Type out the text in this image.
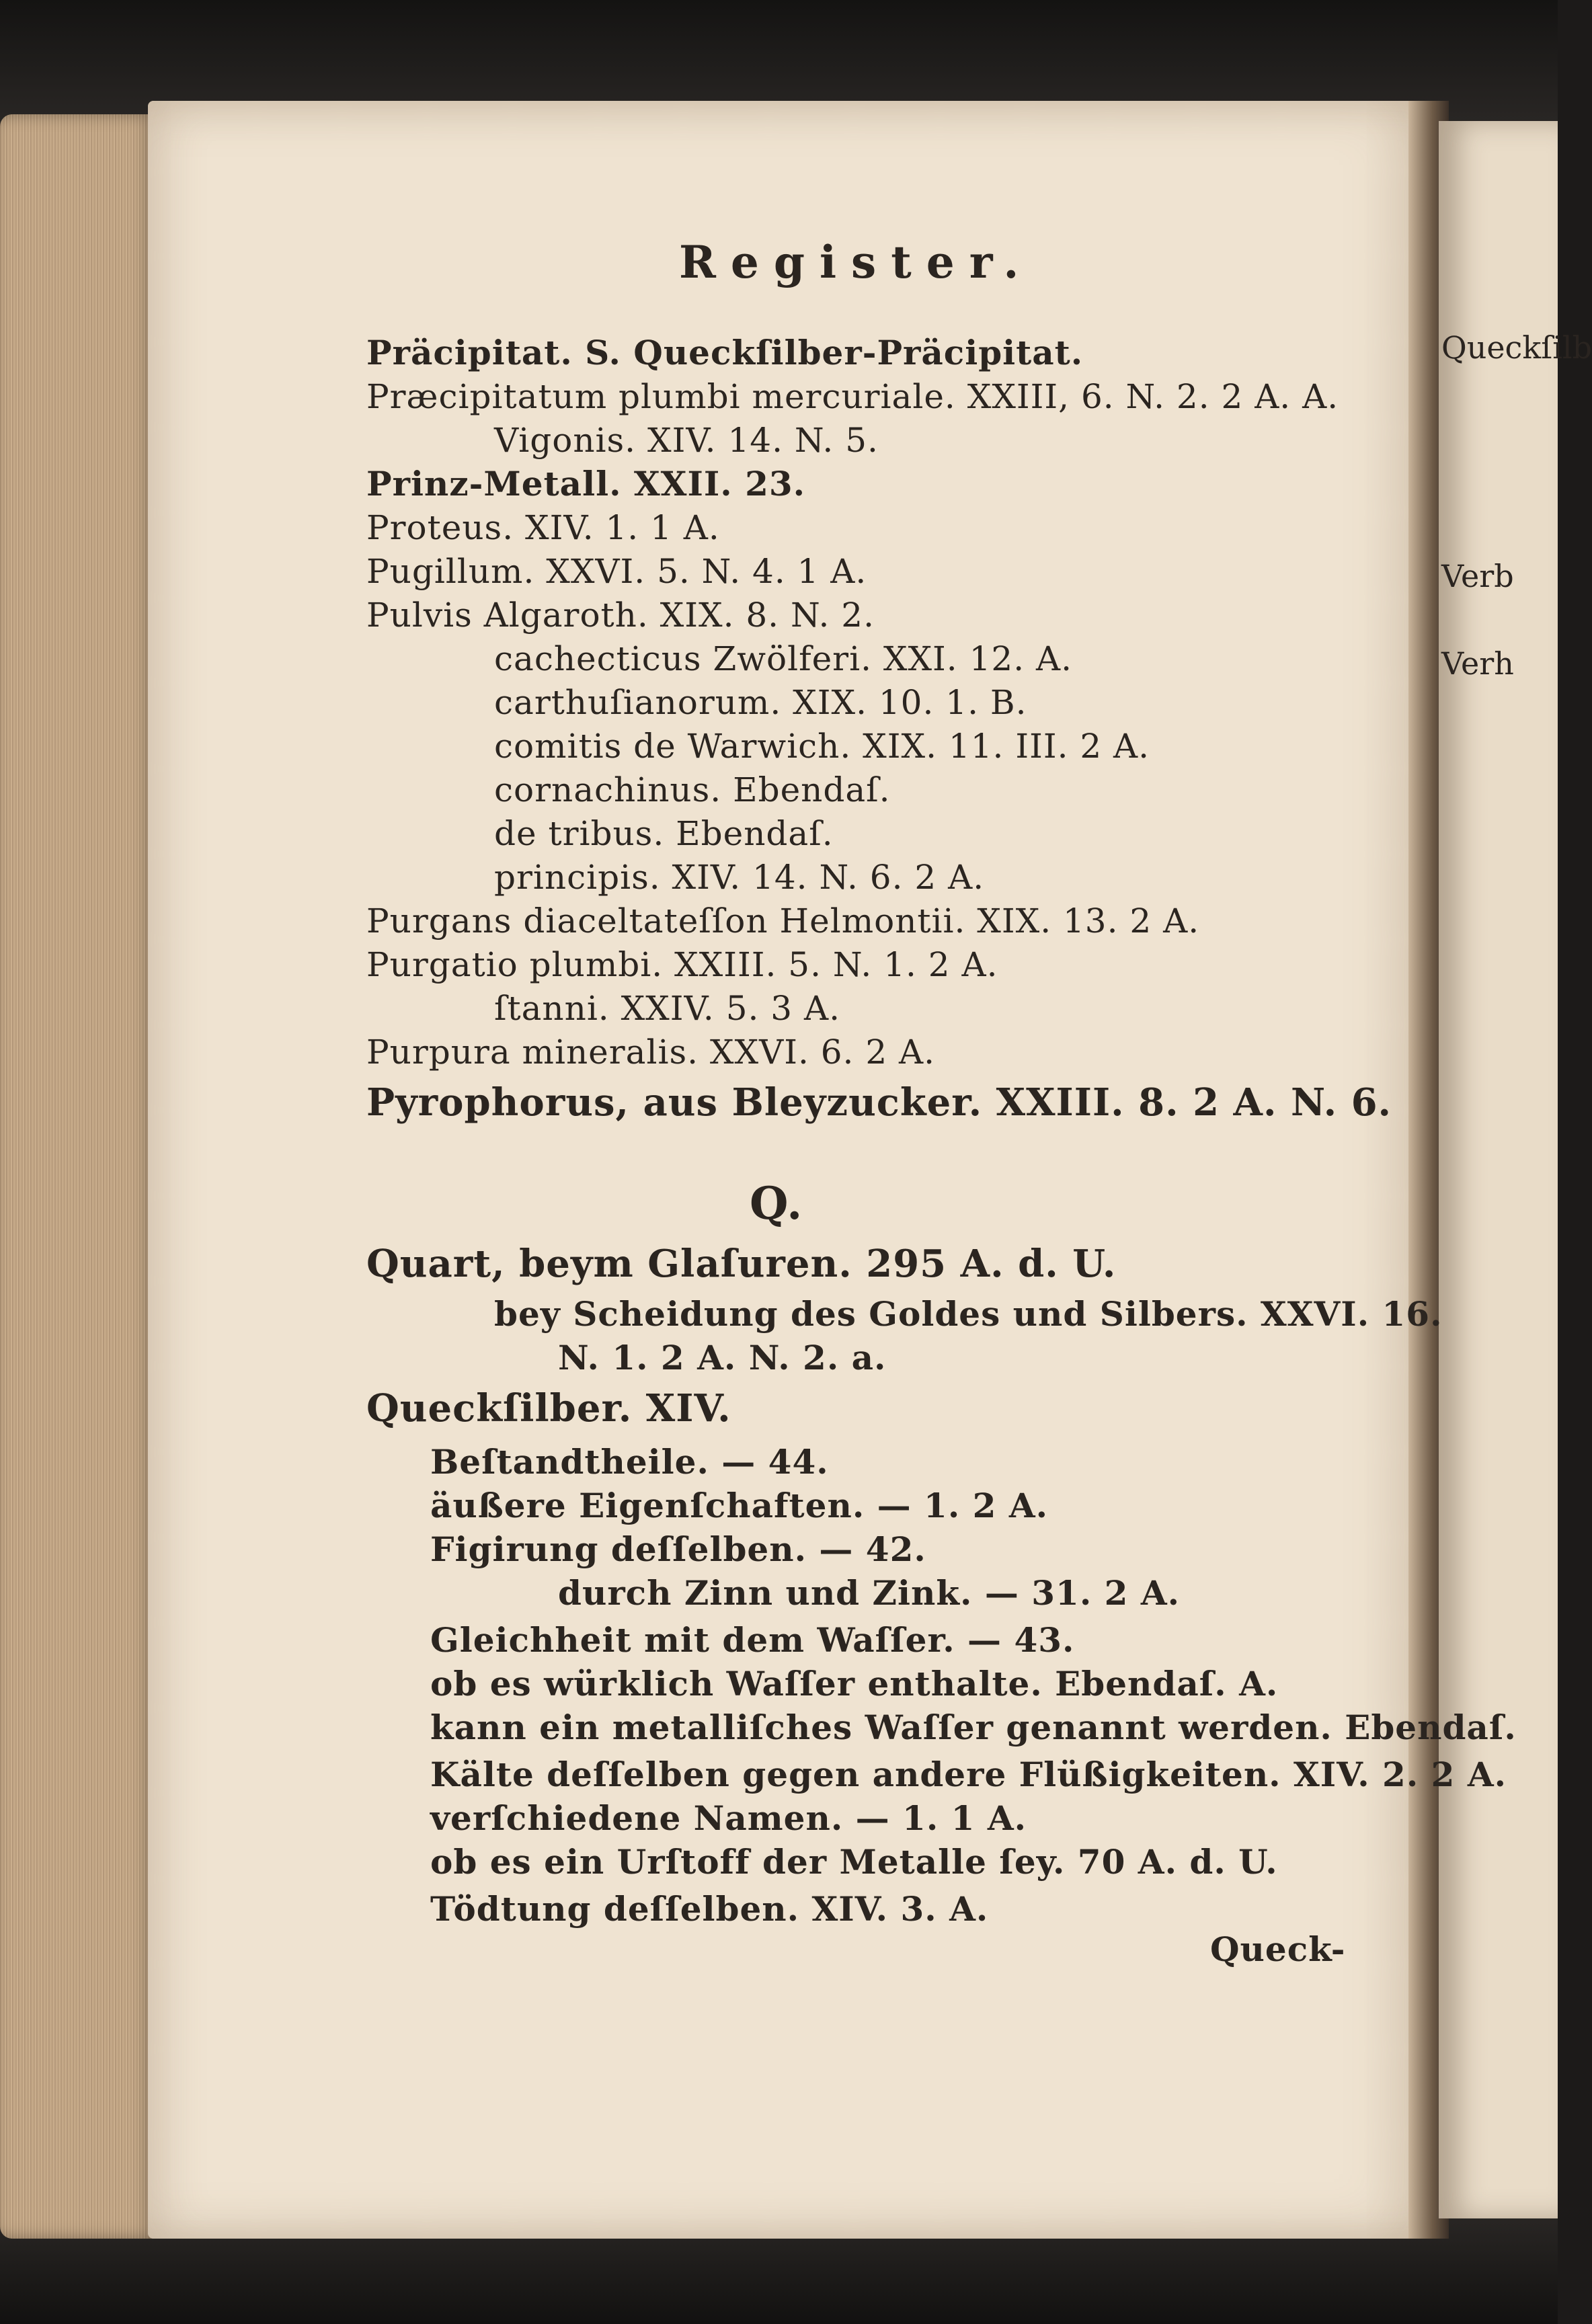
Queckſilb
Verb
Verh
Register.
Queck-
Präcipitat. S. Queckſilber-Präcipitat.
Præcipitatum plumbi mercuriale. XXIII, 6. N. 2. 2 A. A.
Vigonis. XIV. 14. N. 5.
Prinz-Metall. XXII. 23.
Proteus. XIV. 1. 1 A.
Pugillum. XXVI. 5. N. 4. 1 A.
Pulvis Algaroth. XIX. 8. N. 2.
cachecticus Zwölferi. XXI. 12. A.
carthuſianorum. XIX. 10. 1. B.
comitis de Warwich. XIX. 11. III. 2 A.
cornachinus. Ebendaſ.
de tribus. Ebendaſ.
principis. XIV. 14. N. 6. 2 A.
Purgans diaceltateſſon Helmontii. XIX. 13. 2 A.
Purgatio plumbi. XXIII. 5. N. 1. 2 A.
ſtanni. XXIV. 5. 3 A.
Purpura mineralis. XXVI. 6. 2 A.
Pyrophorus, aus Bleyzucker. XXIII. 8. 2 A. N. 6.
Q.
Quart, beym Glaſuren. 295 A. d. U.
bey Scheidung des Goldes und Silbers. XXVI. 16.
N. 1. 2 A. N. 2. a.
Queckſilber. XIV.
Beſtandtheile. — 44.
äußere Eigenſchaften. — 1. 2 A.
Figirung deſſelben. — 42.
durch Zinn und Zink. — 31. 2 A.
Gleichheit mit dem Waſſer. — 43.
ob es würklich Waſſer enthalte. Ebendaſ. A.
kann ein metalliſches Waſſer genannt werden. Ebendaſ.
Kälte deſſelben gegen andere Flüßigkeiten. XIV. 2. 2 A.
verſchiedene Namen. — 1. 1 A.
ob es ein Urſtoff der Metalle ſey. 70 A. d. U.
Tödtung deſſelben. XIV. 3. A.
